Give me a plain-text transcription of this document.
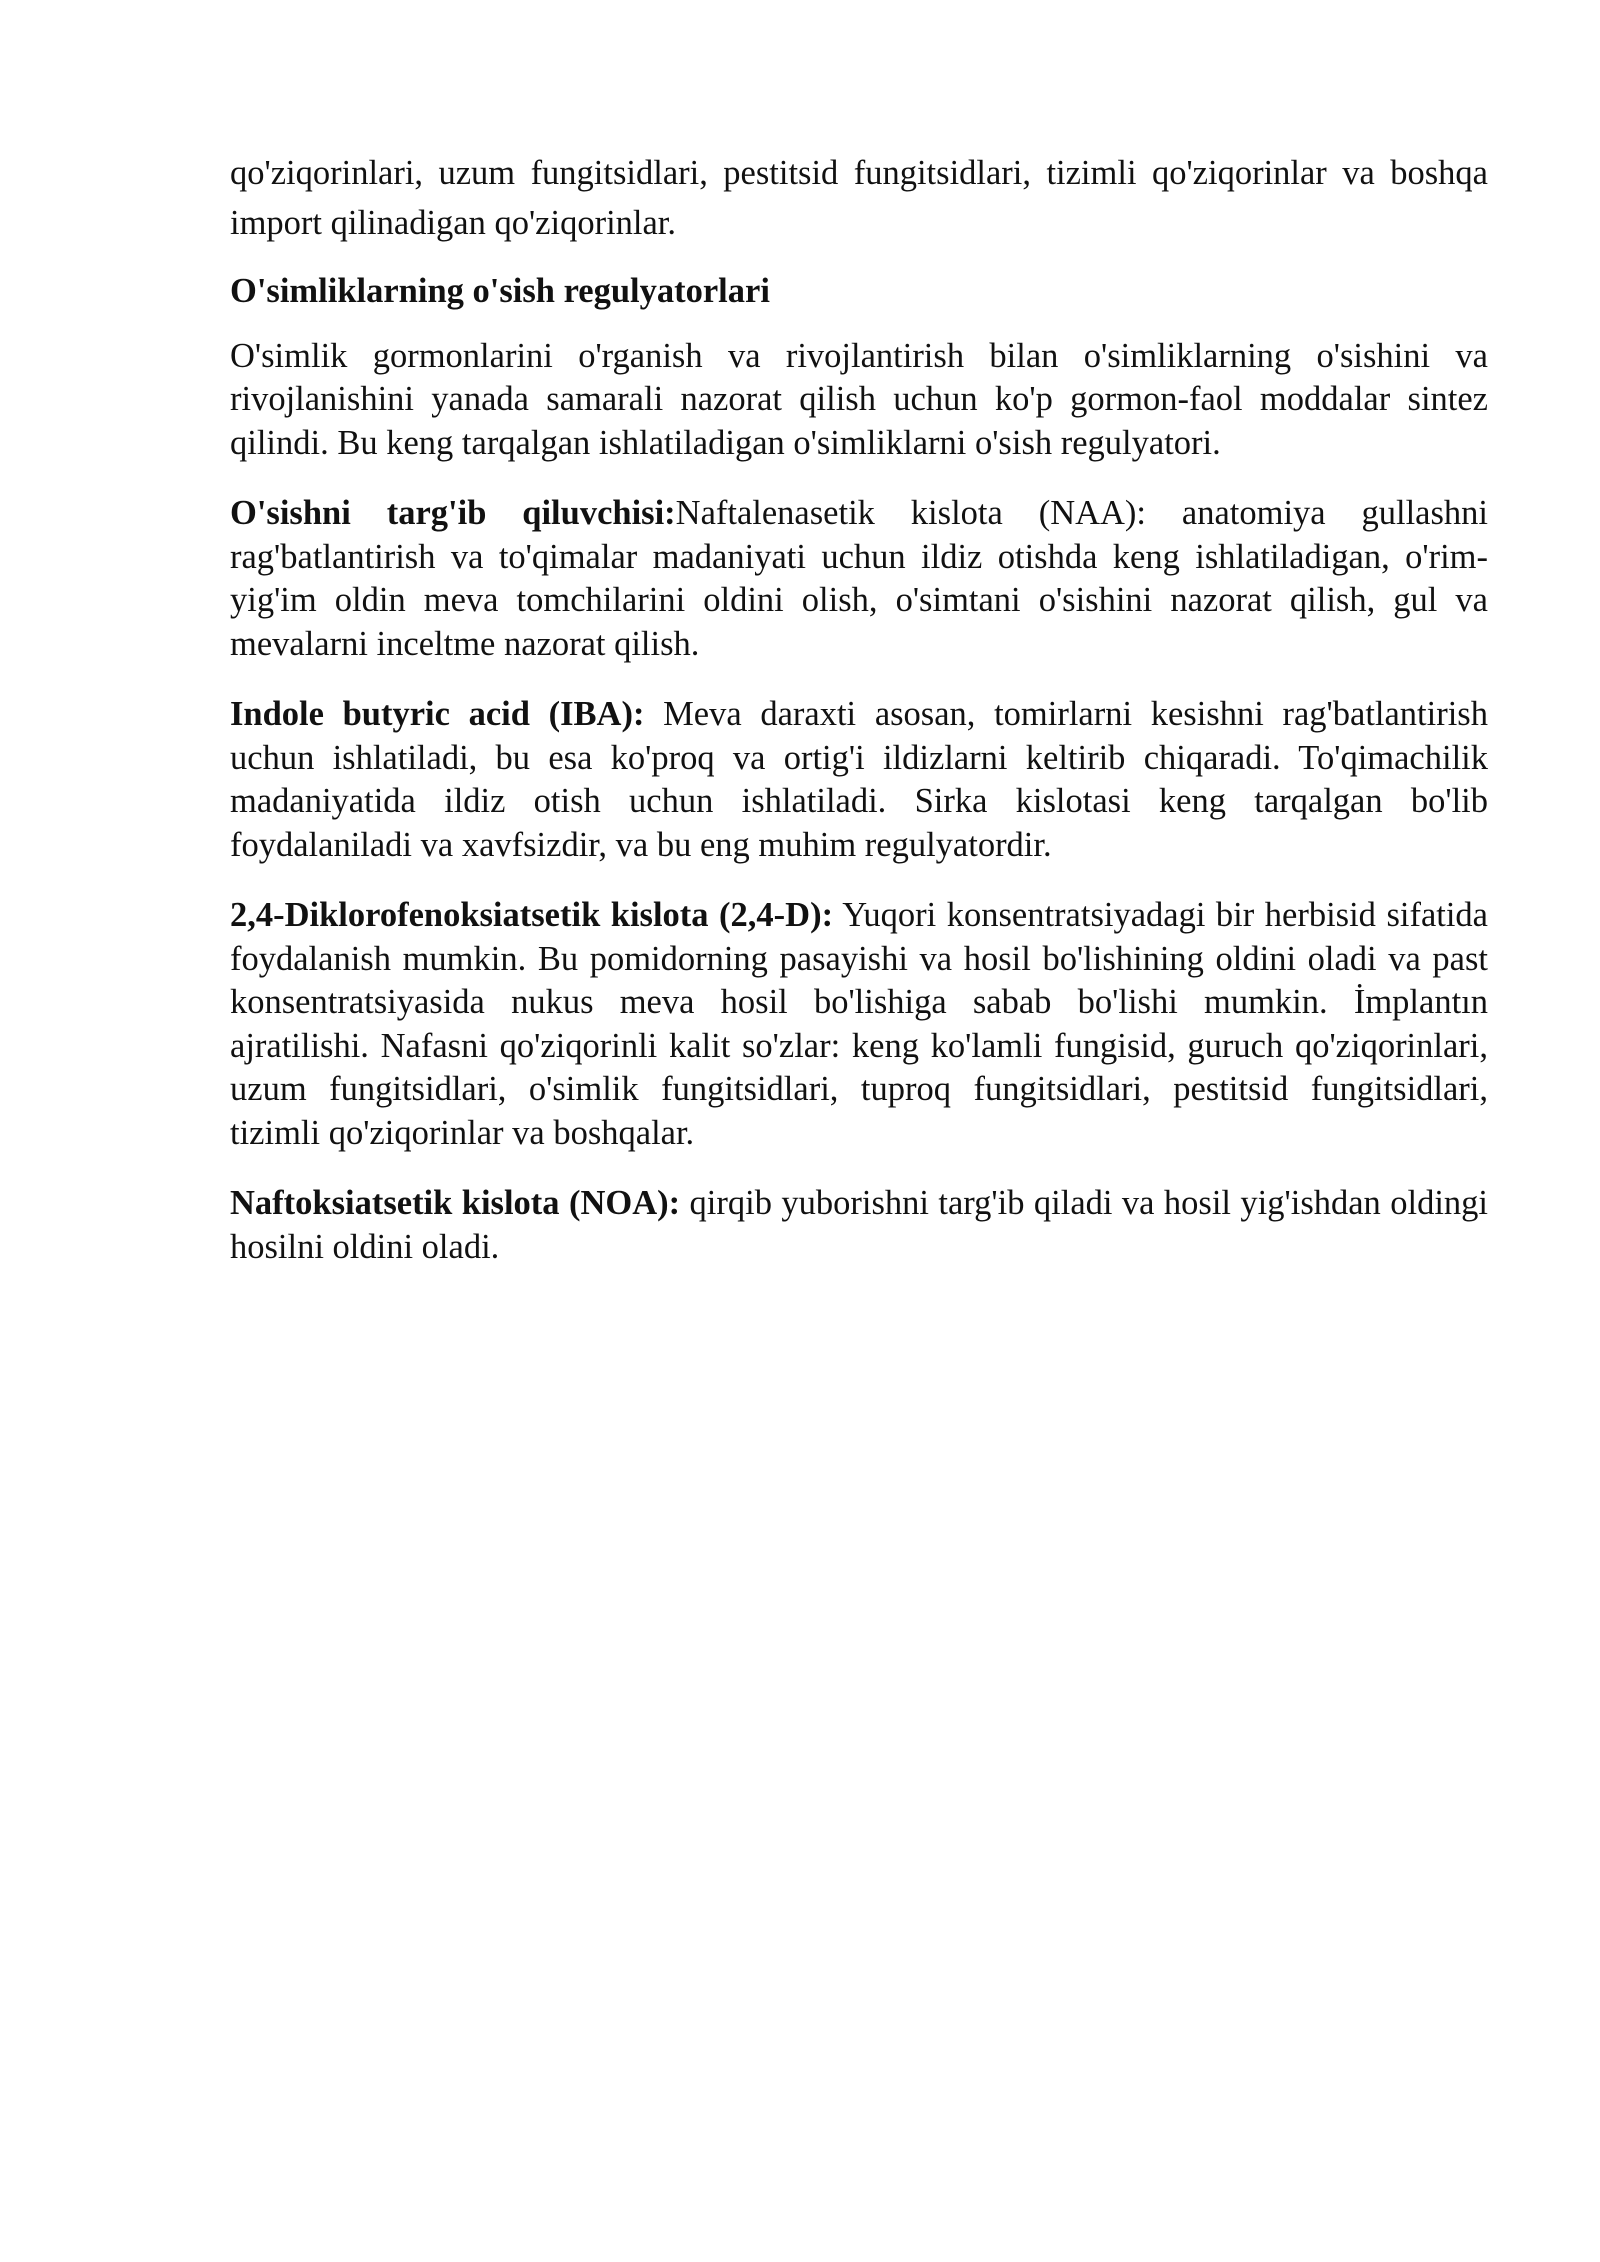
qo'ziqorinlari, uzum fungitsidlari, pestitsid fungitsidlari, tizimli qo'ziqorinlar va boshqa import qilinadigan qo'ziqorinlar.

O'simliklarning o'sish regulyatorlari

O'simlik gormonlarini o'rganish va rivojlantirish bilan o'simliklarning o'sishini va rivojlanishini yanada samarali nazorat qilish uchun ko'p gormon-faol moddalar sintez qilindi. Bu keng tarqalgan ishlatiladigan o'simliklarni o'sish regulyatori.

O'sishni targ'ib qiluvchisi:Naftalenasetik kislota (NAA): anatomiya gullashni rag'batlantirish va to'qimalar madaniyati uchun ildiz otishda keng ishlatiladigan, o'rim-yig'im oldin meva tomchilarini oldini olish, o'simtani o'sishini nazorat qilish, gul va mevalarni inceltme nazorat qilish.

Indole butyric acid (IBA): Meva daraxti asosan, tomirlarni kesishni rag'batlantirish uchun ishlatiladi, bu esa ko'proq va ortig'i ildizlarni keltirib chiqaradi. To'qimachilik madaniyatida ildiz otish uchun ishlatiladi. Sirka kislotasi keng tarqalgan bo'lib foydalaniladi va xavfsizdir, va bu eng muhim regulyatordir.

2,4-Diklorofenoksiatsetik kislota (2,4-D): Yuqori konsentratsiyadagi bir herbisid sifatida foydalanish mumkin. Bu pomidorning pasayishi va hosil bo'lishining oldini oladi va past konsentratsiyasida nukus meva hosil bo'lishiga sabab bo'lishi mumkin. İmplantın ajratilishi. Nafasni qo'ziqorinli kalit so'zlar: keng ko'lamli fungisid, guruch qo'ziqorinlari, uzum fungitsidlari, o'simlik fungitsidlari, tuproq fungitsidlari, pestitsid fungitsidlari, tizimli qo'ziqorinlar va boshqalar.

Naftoksiatsetik kislota (NOA): qirqib yuborishni targ'ib qiladi va hosil yig'ishdan oldingi hosilni oldini oladi.
